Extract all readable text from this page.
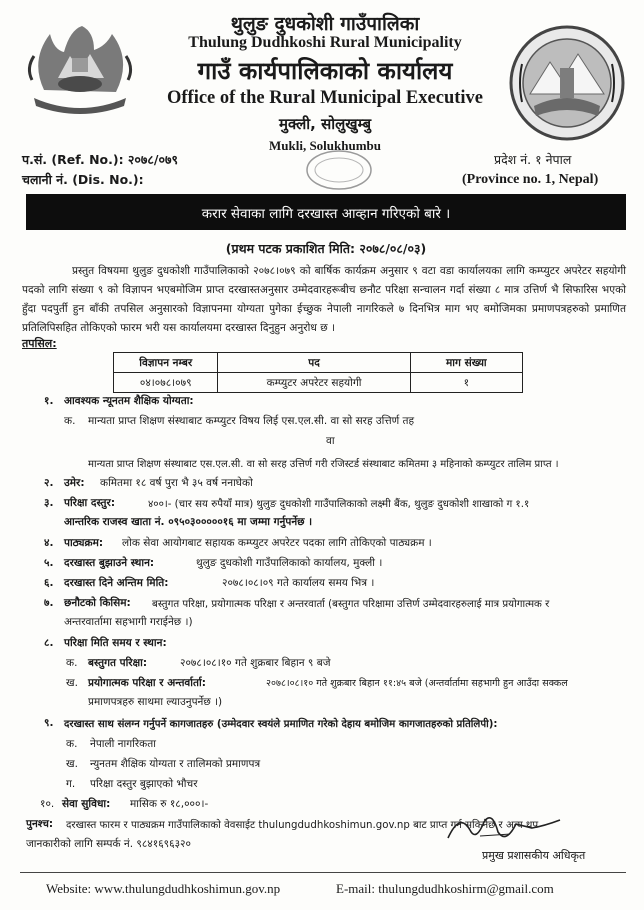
थुलुङ दुधकोशी गाउँपालिका
Thulung Dudhkoshi Rural Municipality
गाउँ कार्यपालिकाको कार्यालय
Office of the Rural Municipal Executive
मुक्ली, सोलुखुम्बु
Mukli, Solukhumbu
प.सं. (Ref. No.): २०७८/०७९
चलानी नं. (Dis. No.):
प्रदेश नं. १ नेपाल
(Province no. 1, Nepal)
करार सेवाका लागि दरखास्त आव्हान गरिएको बारे ।
(प्रथम पटक प्रकाशित मिति: २०७८/०८/०३)
प्रस्तुत विषयमा थुलुङ दुधकोशी गाउँपालिकाको २०७८।०७९ को बार्षिक कार्यक्रम अनुसार ९ वटा वडा कार्यालयका लागि कम्प्युटर अपरेटर सहयोगी पदको लागि संख्या ९ को विज्ञापन भएबमोजिम प्राप्त दरखास्तअनुसार उम्मेदवारहरूबीच छनौट परिक्षा सन्चालन गर्दा संख्या ८ मात्र उत्तिर्ण भै सिफारिस भएको हुँदा पदपुर्ती हुन बाँकी तपसिल अनुसारको विज्ञापनमा योग्यता पुगेका ईच्छुक नेपाली नागरिकले ७ दिनभित्र माग भए बमोजिमका प्रमाणपत्रहरुको प्रमाणित प्रतिलिपिसहित तोकिएको फारम भरी यस कार्यालयमा दरखास्त दिनुहुन अनुरोध छ ।
तपसिल:
विज्ञापन नम्बर	पद	माग संख्या
०४।०७८।०७९	कम्प्युटर अपरेटर सहयोगी	१
१. आवश्यक न्यूनतम शैक्षिक योग्यता:
क. मान्यता प्राप्त शिक्षण संस्थाबाट कम्प्युटर विषय लिई एस.एल.सी. वा सो सरह उत्तिर्ण तह
वा
मान्यता प्राप्त शिक्षण संस्थाबाट एस.एल.सी. वा सो सरह उत्तिर्ण गरी रजिस्टर्ड संस्थाबाट कमितमा ३ महिनाको कम्प्युटर तालिम प्राप्त ।
२. उमेर: कमितमा १८ वर्ष पुरा भै ३५ वर्ष ननाघेको
३. परिक्षा दस्तुर:	४००।- (चार सय रुपैयाँ मात्र) थुलुङ दुधकोशी गाउँपालिकाको लक्ष्मी बैंक, थुलुङ दुधकोशी शाखाको ग १.१
आन्तरिक राजस्व खाता नं. ०९५०३०००००१६ मा जम्मा गर्नुपर्नेछ ।
४. पाठ्यक्रम: लोक सेवा आयोगबाट सहायक कम्प्युटर अपरेटर पदका लागि तोकिएको पाठ्यक्रम ।
५. दरखास्त बुझाउने स्थान:	थुलुङ दुधकोशी गाउँपालिकाको कार्यालय, मुक्ली ।
६. दरखास्त दिने अन्तिम मिति:	२०७८।०८।०९ गते कार्यालय समय भित्र ।
७. छनौटको किसिम: बस्तुगत परिक्षा, प्रयोगात्मक परिक्षा र अन्तरवार्ता (बस्तुगत परिक्षामा उत्तिर्ण उम्मेदवारहरुलाई मात्र प्रयोगात्मक र
अन्तरवार्तामा सहभागी गराईनेछ ।)
८. परिक्षा मिति समय र स्थान:
क. बस्तुगत परिक्षा:	२०७८।०८।१० गते शुक्रबार बिहान ९ बजे
ख. प्रयोगात्मक परिक्षा र अन्तर्वार्ता:	२०७८।०८।१० गते शुक्रबार बिहान ११:४५ बजे (अन्तर्वार्तामा सहभागी हुन आउँदा सक्कल
प्रमाणपत्रहरु साथमा ल्याउनुपर्नेछ ।)
९. दरखास्त साथ संलग्न गर्नुपर्ने कागजातहरु (उम्मेदवार स्वयंले प्रमाणित गरेको देहाय बमोजिम कागजातहरुको प्रतिलिपी):
क. नेपाली नागरिकता
ख. न्युनतम शैक्षिक योग्यता र तालिमको प्रमाणपत्र
ग. परिक्षा दस्तुर बुझाएको भौचर
१०. सेवा सुविधा: मासिक रु १८,०००।-
पुनश्च: दरखास्त फारम र पाठ्यक्रम गाउँपालिकाको वेवसाईट thulungdudhkoshimun.gov.np बाट प्राप्त गर्न सकिनेछ र अन्य थप
जानकारीको लागि सम्पर्क नं. ९८४१६९६३२०
प्रमुख प्रशासकीय अधिकृत
Website: www.thulungdudhkoshimun.gov.np	E-mail: thulungdudhkoshirm@gmail.com
